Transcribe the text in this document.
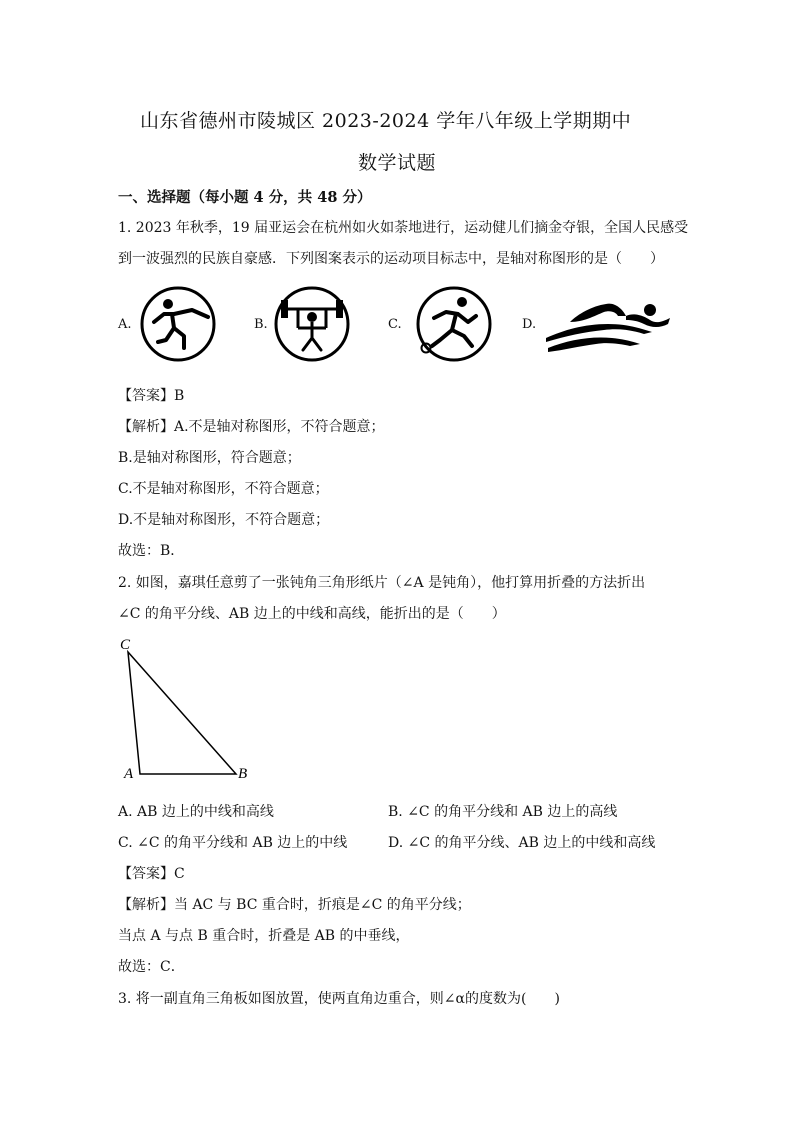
山东省德州市陵城区 2023-2024 学年八年级上学期期中
数学试题
一、选择题（每小题 4 分，共 48 分）
1. 2023 年秋季，19 届亚运会在杭州如火如荼地进行，运动健儿们摘金夺银，全国人民感受
到一波强烈的民族自豪感．下列图案表示的运动项目标志中，是轴对称图形的是（　　）
A.	B.	C.	D.
【答案】B
【解析】A.不是轴对称图形，不符合题意；
B.是轴对称图形，符合题意；
C.不是轴对称图形，不符合题意；
D.不是轴对称图形，不符合题意；
故选：B．
2. 如图，嘉琪任意剪了一张钝角三角形纸片（∠A 是钝角），他打算用折叠的方法折出
∠C 的角平分线、AB 边上的中线和高线，能折出的是（　　）
C
A	B
A. AB 边上的中线和高线	B. ∠C 的角平分线和 AB 边上的高线
C. ∠C 的角平分线和 AB 边上的中线	D. ∠C 的角平分线、AB 边上的中线和高线
【答案】C
【解析】当 AC 与 BC 重合时，折痕是∠C 的角平分线；
当点 A 与点 B 重合时，折叠是 AB 的中垂线，
故选：C．
3. 将一副直角三角板如图放置，使两直角边重合，则∠α的度数为(　　)
